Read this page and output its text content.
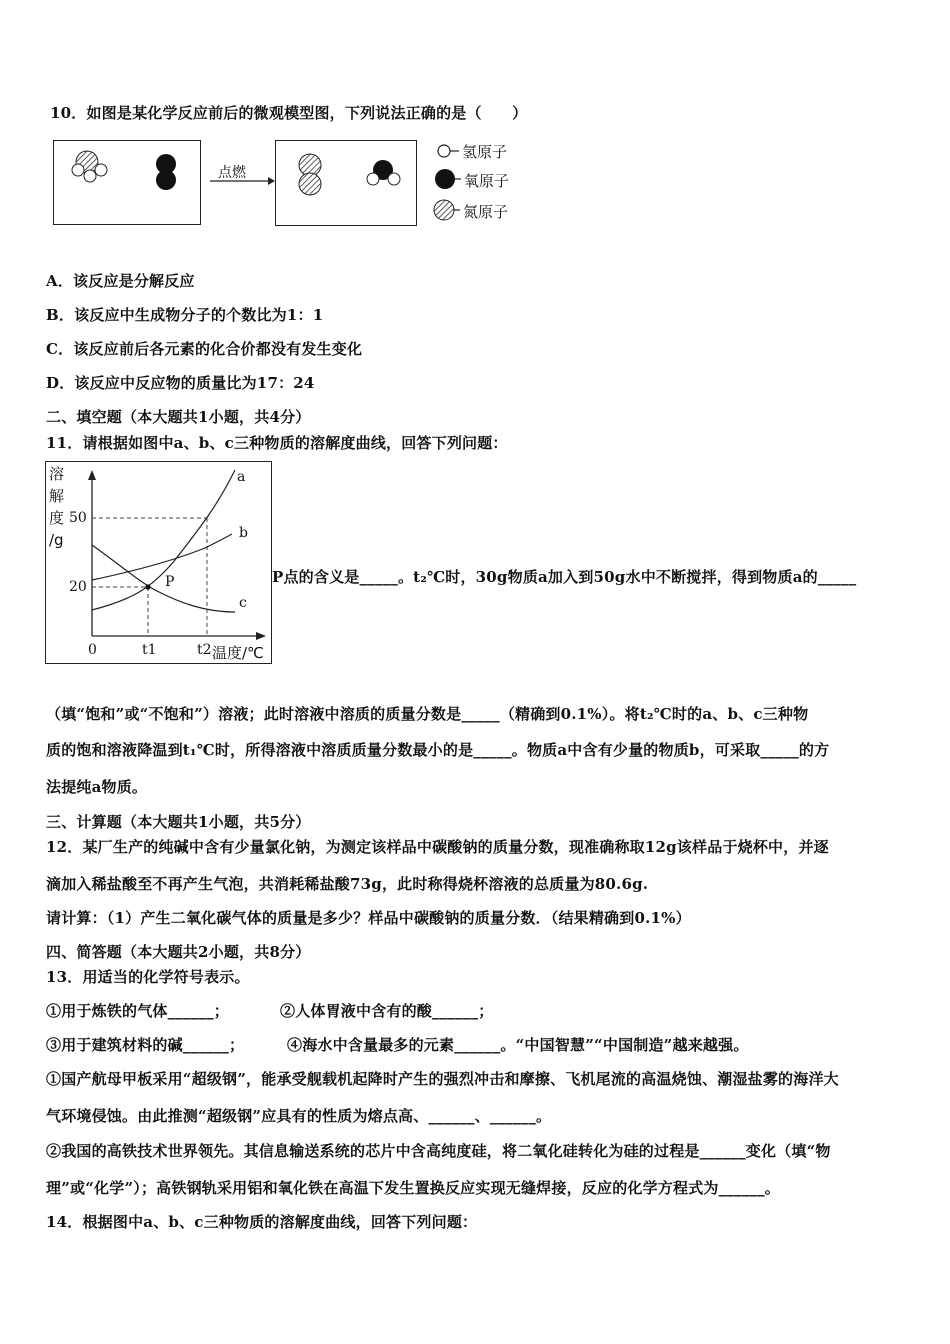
10．如图是某化学反应前后的微观模型图，下列说法正确的是（　　）
点燃
氢原子
氧原子
氮原子
A．该反应是分解反应
B．该反应中生成物分子的个数比为1：1
C．该反应前后各元素的化合价都没有发生变化
D．该反应中反应物的质量比为17：24
二、填空题（本大题共1小题，共4分）
11．请根据如图中a、b、c三种物质的溶解度曲线，回答下列问题：
溶
解
度
/g
50
20
0	t1	t2 温度/℃
P
a
b
c
P点的含义是_____。t₂℃时，30g物质a加入到50g水中不断搅拌，得到物质a的_____
（填“饱和”或“不饱和”）溶液；此时溶液中溶质的质量分数是_____（精确到0.1%）。将t₂℃时的a、b、c三种物
质的饱和溶液降温到t₁℃时，所得溶液中溶质质量分数最小的是_____。物质a中含有少量的物质b，可采取_____的方
法提纯a物质。
三、计算题（本大题共1小题，共5分）
12．某厂生产的纯碱中含有少量氯化钠，为测定该样品中碳酸钠的质量分数，现准确称取12g该样品于烧杯中，并逐
滴加入稀盐酸至不再产生气泡，共消耗稀盐酸73g，此时称得烧杯溶液的总质量为80.6g.
请计算：（1）产生二氧化碳气体的质量是多少？样品中碳酸钠的质量分数．（结果精确到0.1%）
四、简答题（本大题共2小题，共8分）
13．用适当的化学符号表示。
①用于炼铁的气体______；	②人体胃液中含有的酸______；
③用于建筑材料的碱______；	④海水中含量最多的元素______。“中国智慧”“中国制造”越来越强。
①国产航母甲板采用“超级钢”，能承受舰载机起降时产生的强烈冲击和摩擦、飞机尾流的高温烧蚀、潮湿盐雾的海洋大
气环境侵蚀。由此推测“超级钢”应具有的性质为熔点高、______、______。
②我国的高铁技术世界领先。其信息输送系统的芯片中含高纯度硅，将二氧化硅转化为硅的过程是______变化（填“物
理”或“化学”）；高铁钢轨采用铝和氧化铁在高温下发生置换反应实现无缝焊接，反应的化学方程式为______。
14．根据图中a、b、c三种物质的溶解度曲线，回答下列问题：
